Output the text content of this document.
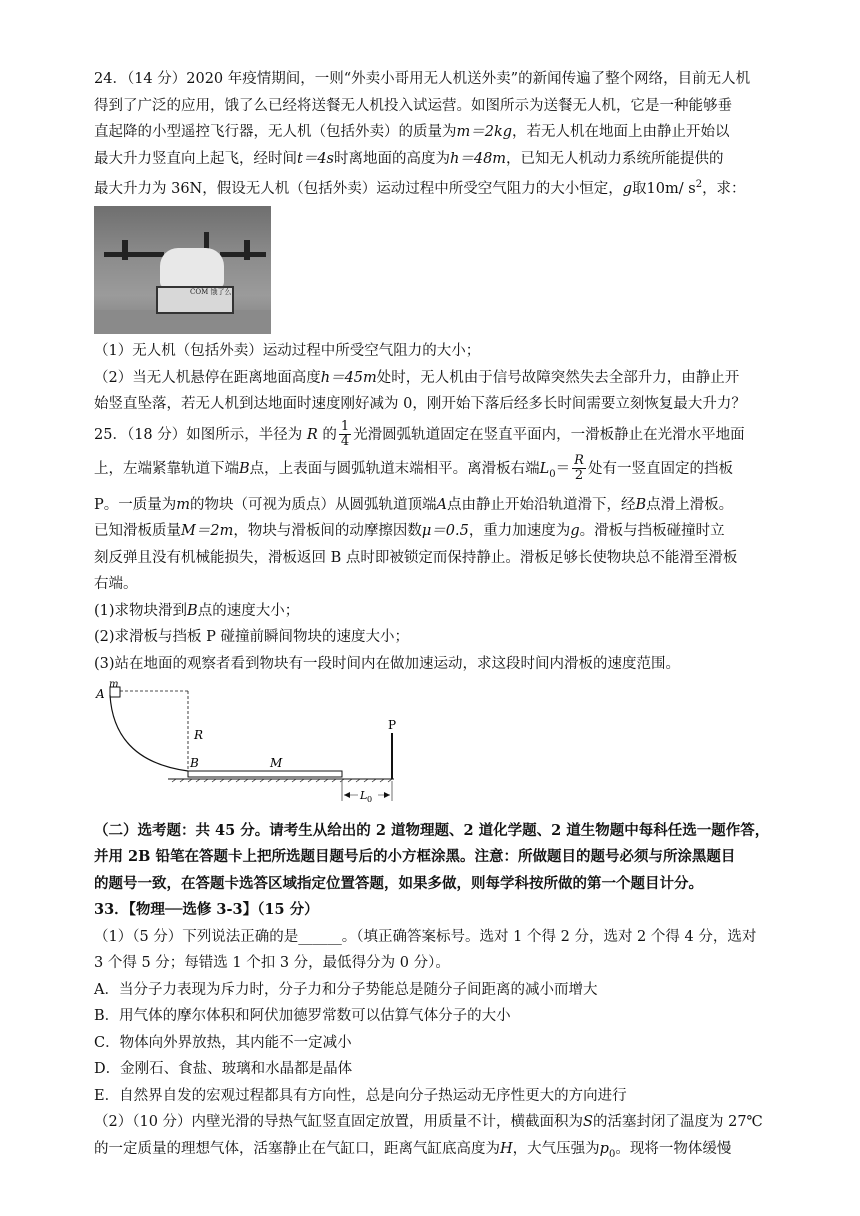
24．（14 分）2020 年疫情期间，一则“外卖小哥用无人机送外卖”的新闻传遍了整个网络，目前无人机

得到了广泛的应用，饿了么已经将送餐无人机投入试运营。如图所示为送餐无人机，它是一种能够垂

直起降的小型遥控飞行器，无人机（包括外卖）的质量为m＝2kg，若无人机在地面上由静止开始以

最大升力竖直向上起飞，经时间t＝4s时离地面的高度为h＝48m，已知无人机动力系统所能提供的

最大升力为 36N，假设无人机（包括外卖）运动过程中所受空气阻力的大小恒定，g取10m/ $s^2$，求：

COM 饿了么

（1）无人机（包括外卖）运动过程中所受空气阻力的大小；

（2）当无人机悬停在距离地面高度h＝45m处时，无人机由于信号故障突然失去全部升力，由静止开

始竖直坠落，若无人机到达地面时速度刚好减为 0，刚开始下落后经多长时间需要立刻恢复最大升力？

25．（18 分）如图所示，半径为 R 的 $\frac{1}{4}$ 光滑圆弧轨道固定在竖直平面内，一滑板静止在光滑水平地面

上，左端紧靠轨道下端B点，上表面与圆弧轨道末端相平。离滑板右端$L_0= \frac{R}{2}$ 处有一竖直固定的挡板

P。一质量为m的物块（可视为质点）从圆弧轨道顶端A点由静止开始沿轨道滑下，经B点滑上滑板。

已知滑板质量M＝2m，物块与滑板间的动摩擦因数μ＝0.5，重力加速度为g。滑板与挡板碰撞时立

刻反弹且没有机械能损失，滑板返回 B 点时即被锁定而保持静止。滑板足够长使物块总不能滑至滑板

右端。

(1)求物块滑到B点的速度大小；

(2)求滑板与挡板 P 碰撞前瞬间物块的速度大小；

(3)站在地面的观察者看到物块有一段时间内在做加速运动，求这段时间内滑板的速度范围。

m
A
R
B	M
P
L 0

（二）选考题：共 45 分。请考生从给出的 2 道物理题、2 道化学题、2 道生物题中每科任选一题作答，

并用 2B 铅笔在答题卡上把所选题目题号后的小方框涂黑。注意：所做题目的题号必须与所涂黑题目

的题号一致，在答题卡选答区域指定位置答题，如果多做，则每学科按所做的第一个题目计分。

33．【物理──选修 3-3】（15 分）

（1）（5 分）下列说法正确的是______。（填正确答案标号。选对 1 个得 2 分，选对 2 个得 4 分，选对

3 个得 5 分；每错选 1 个扣 3 分，最低得分为 0 分）。

A．当分子力表现为斥力时，分子力和分子势能总是随分子间距离的减小而增大

B．用气体的摩尔体积和阿伏加德罗常数可以估算气体分子的大小

C．物体向外界放热，其内能不一定减小

D．金刚石、食盐、玻璃和水晶都是晶体

E．自然界自发的宏观过程都具有方向性，总是向分子热运动无序性更大的方向进行

（2）（10 分）内壁光滑的导热气缸竖直固定放置，用质量不计，横截面积为S的活塞封闭了温度为 27℃

的一定质量的理想气体，活塞静止在气缸口，距离气缸底高度为H，大气压强为$p_0$。现将一物体缓慢
